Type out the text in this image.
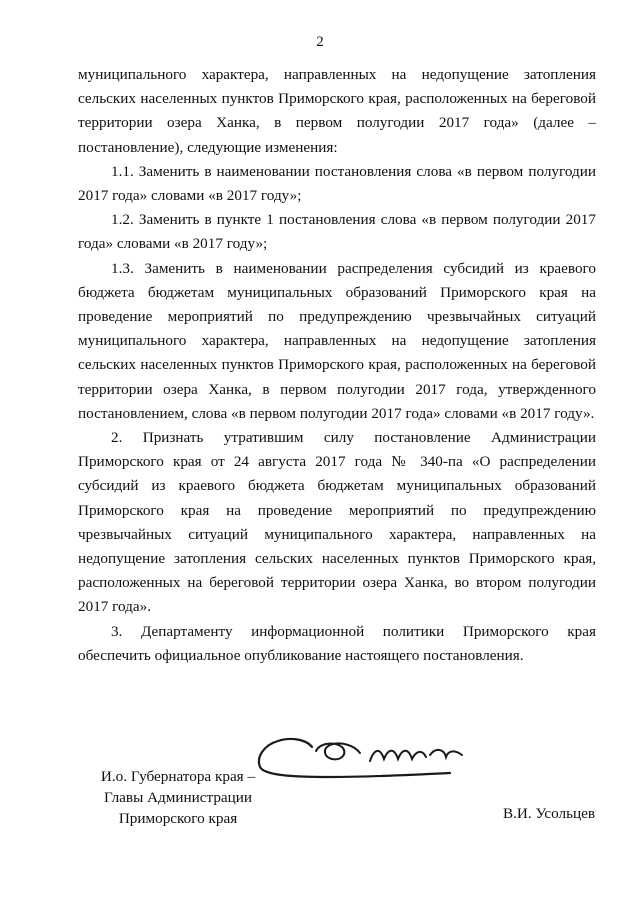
2

муниципального характера, направленных на недопущение затопления сельских населенных пунктов Приморского края, расположенных на береговой территории озера Ханка, в первом полугодии 2017 года» (далее – постановление), следующие изменения:

1.1. Заменить в наименовании постановления слова «в первом полугодии 2017 года» словами «в 2017 году»;

1.2. Заменить в пункте 1 постановления слова «в первом полугодии 2017 года» словами «в 2017 году»;

1.3. Заменить в наименовании распределения субсидий из краевого бюджета бюджетам муниципальных образований Приморского края на проведение мероприятий по предупреждению чрезвычайных ситуаций муниципального характера, направленных на недопущение затопления сельских населенных пунктов Приморского края, расположенных на береговой территории озера Ханка, в первом полугодии 2017 года, утвержденного постановлением, слова «в первом полугодии 2017 года» словами «в 2017 году».

2. Признать утратившим силу постановление Администрации Приморского края от 24 августа 2017 года № 340-па «О распределении субсидий из краевого бюджета бюджетам муниципальных образований Приморского края на проведение мероприятий по предупреждению чрезвычайных ситуаций муниципального характера, направленных на недопущение затопления сельских населенных пунктов Приморского края, расположенных на береговой территории озера Ханка, во втором полугодии 2017 года».

3. Департаменту информационной политики Приморского края обеспечить официальное опубликование настоящего постановления.

И.о. Губернатора края –
Главы Администрации
Приморского края	В.И. Усольцев
